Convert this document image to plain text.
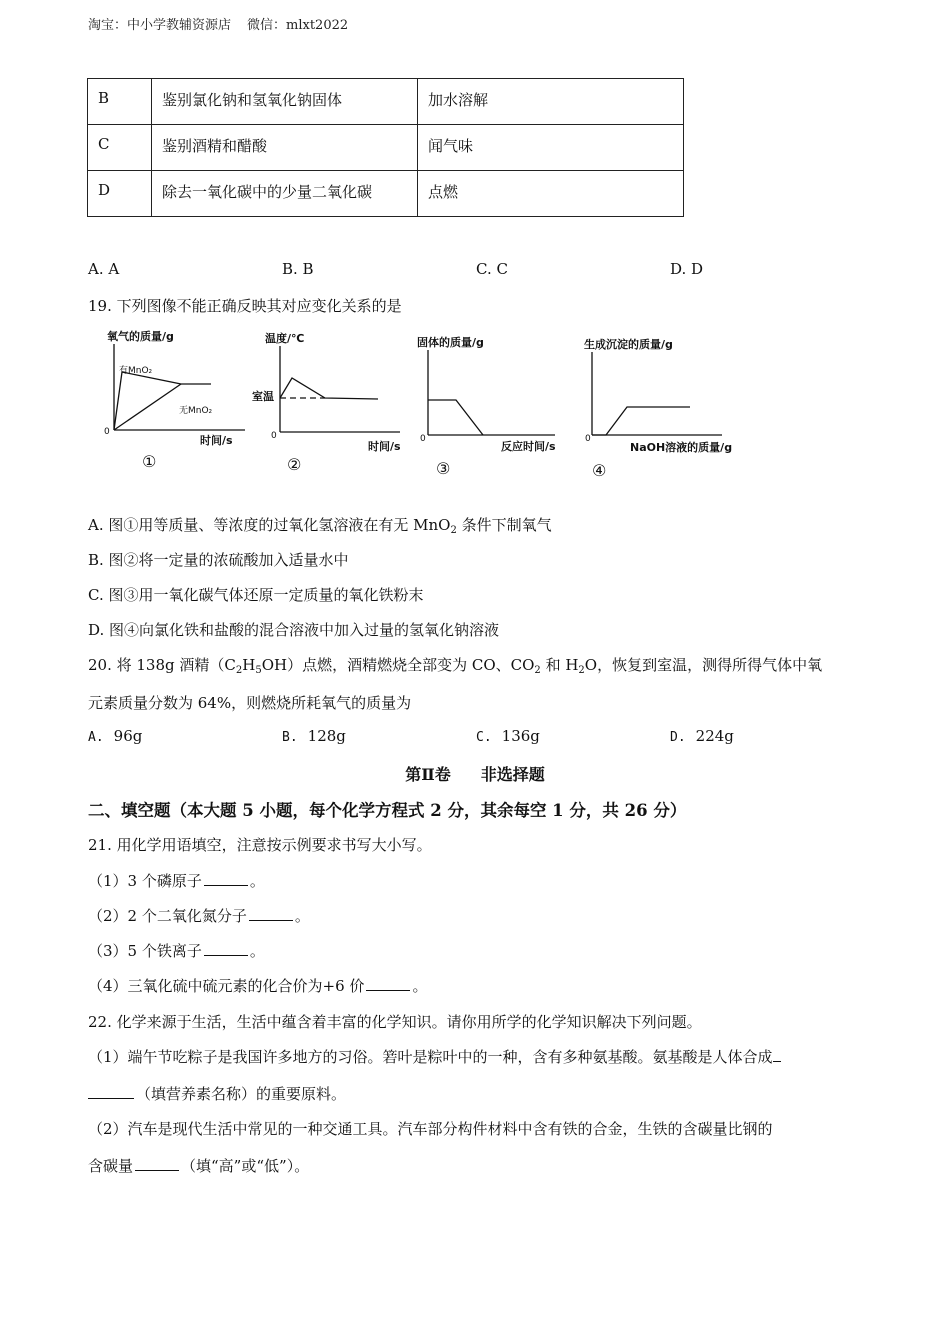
淘宝：中小学教辅资源店 微信：mlxt2022
B	鉴别氯化钠和氢氧化钠固体	加水溶解
C	鉴别酒精和醋酸	闻气味
D	除去一氧化碳中的少量二氧化碳	点燃
A. A	B. B	C. C	D. D
19. 下列图像不能正确反映其对应变化关系的是
氧气的质量/g
0
有MnO₂
无MnO₂
时间/s
①
温度/℃
0
室温
时间/s
②
固体的质量/g
0
反应时间/s
③
生成沉淀的质量/g
0
NaOH溶液的质量/g
④
A. 图①用等质量、等浓度的过氧化氢溶液在有无 MnO$_2$ 条件下制氧气
B. 图②将一定量的浓硫酸加入适量水中
C. 图③用一氧化碳气体还原一定质量的氧化铁粉末
D. 图④向氯化铁和盐酸的混合溶液中加入过量的氢氧化钠溶液
20. 将 138g 酒精$(C_2H_5OH)$点燃，酒精燃烧全部变为 CO、$CO_2$ 和 $H_2O$，恢复到室温，测得所得气体中氧
元素质量分数为 64%，则燃烧所耗氧气的质量为
A. 96g	B. 128g	C. 136g	D. 224g
第Ⅱ卷 非选择题
二、填空题（本大题 5 小题，每个化学方程式 2 分，其余每空 1 分，共 26 分）
21. 用化学用语填空，注意按示例要求书写大小写。
（1）3 个磷原子	。
（2）2 个二氧化氮分子	。
（3）5 个铁离子	。
（4）三氧化硫中硫元素的化合价为+6 价	。
22. 化学来源于生活，生活中蕴含着丰富的化学知识。请你用所学的化学知识解决下列问题。
（1）端午节吃粽子是我国许多地方的习俗。箬叶是粽叶中的一种，含有多种氨基酸。氨基酸是人体合成
（填营养素名称）的重要原料。
（2）汽车是现代生活中常见的一种交通工具。汽车部分构件材料中含有铁的合金，生铁的含碳量比钢的
含碳量	（填“高”或“低”）。
